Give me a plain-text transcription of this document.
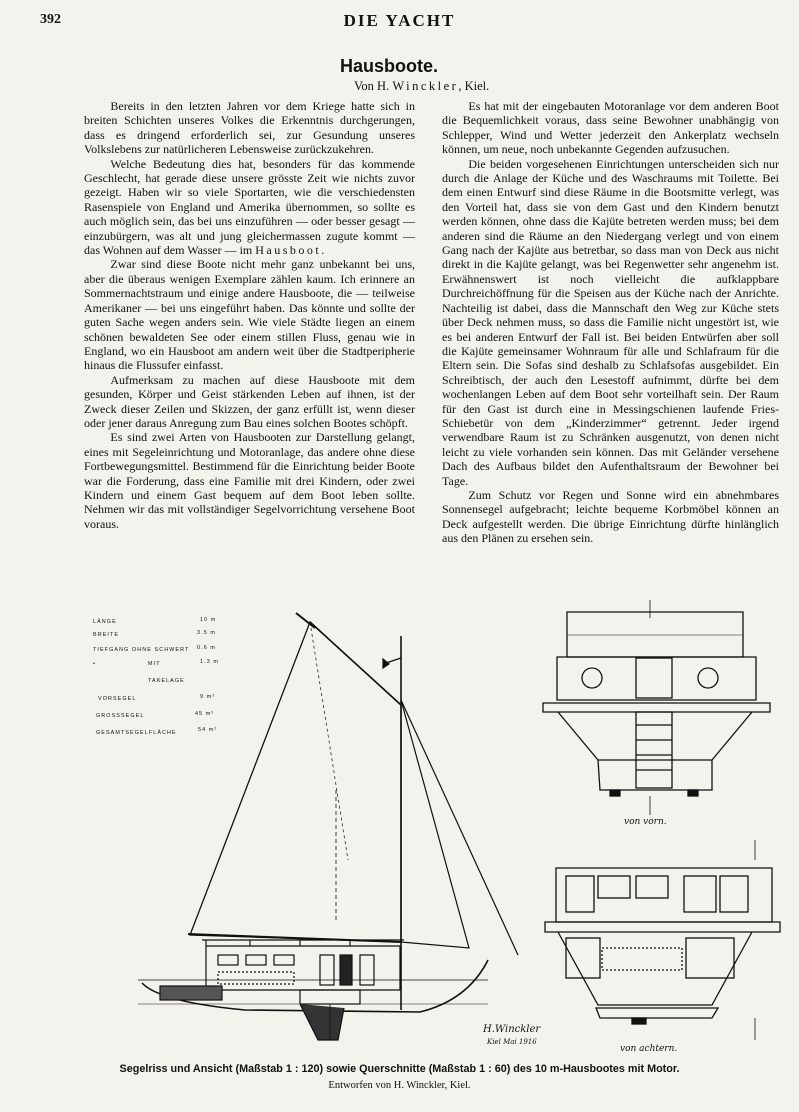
392	DIE YACHT
Hausboote.
Von H. Winckler, Kiel.

Bereits in den letzten Jahren vor dem Kriege hatte sich in breiten Schichten unseres Volkes die Erkenntnis durchgerungen, dass es dringend erforderlich sei, zur Gesundung unseres Volkslebens zur natürlicheren Lebensweise zurückzukehren.

Welche Bedeutung dies hat, besonders für das kommende Geschlecht, hat gerade diese unsere grösste Zeit wie nichts zuvor gezeigt. Haben wir so viele Sportarten, wie die verschiedensten Rasenspiele von England und Amerika übernommen, so sollte es auch möglich sein, das bei uns einzuführen — oder besser gesagt — einzubürgern, was alt und jung gleichermassen zugute kommt — das Wohnen auf dem Wasser — im Hausboot.

Zwar sind diese Boote nicht mehr ganz unbekannt bei uns, aber die überaus wenigen Exemplare zählen kaum. Ich erinnere an Sommernachtstraum und einige andere Hausboote, die — teilweise Amerikaner — bei uns eingeführt haben. Das könnte und sollte der guten Sache wegen anders sein. Wie viele Städte liegen an einem schönen bewaldeten See oder einem stillen Fluss, genau wie in England, wo ein Hausboot am andern weit über die Stadtperipherie hinaus die Flussufer einfasst.

Aufmerksam zu machen auf diese Hausboote mit dem gesunden, Körper und Geist stärkenden Leben auf ihnen, ist der Zweck dieser Zeilen und Skizzen, der ganz erfüllt ist, wenn dieser oder jener daraus Anregung zum Bau eines solchen Bootes schöpft.

Es sind zwei Arten von Hausbooten zur Darstellung gelangt, eines mit Segeleinrichtung und Motoranlage, das andere ohne diese Fortbewegungsmittel. Bestimmend für die Einrichtung beider Boote war die Forderung, dass eine Familie mit drei Kindern, oder zwei Kindern und einem Gast bequem auf dem Boot leben sollte. Nehmen wir das mit vollständiger Segelvorrichtung versehene Boot voraus.

Es hat mit der eingebauten Motoranlage vor dem anderen Boot die Bequemlichkeit voraus, dass seine Bewohner unabhängig von Schlepper, Wind und Wetter jederzeit den Ankerplatz wechseln können, um neue, noch unbekannte Gegenden aufzusuchen.

Die beiden vorgesehenen Einrichtungen unterscheiden sich nur durch die Anlage der Küche und des Waschraums mit Toilette. Bei dem einen Entwurf sind diese Räume in die Bootsmitte verlegt, was den Vorteil hat, dass sie von dem Gast und den Kindern benutzt werden können, ohne dass die Kajüte betreten werden muss; bei dem anderen sind die Räume an den Niedergang verlegt und von einem Gang nach der Kajüte aus betretbar, so dass man von Deck aus nicht direkt in die Kajüte gelangt, was bei Regenwetter sehr angenehm ist. Erwähnenswert ist noch vielleicht die aufklappbare Durchreichöffnung für die Speisen aus der Küche nach der Anrichte. Nachteilig ist dabei, dass die Mannschaft den Weg zur Küche stets über Deck nehmen muss, so dass die Familie nicht ungestört ist, wie es bei anderen Entwurf der Fall ist. Bei beiden Entwürfen aber soll die Kajüte gemeinsamer Wohnraum für alle und Schlafraum für die Eltern sein. Die Sofas sind deshalb zu Schlafsofas ausgebildet. Ein Schreibtisch, der auch den Lesestoff aufnimmt, dürfte bei dem wochenlangen Leben auf dem Boot sehr vorteilhaft sein. Der Raum für den Gast ist durch eine in Messingschienen laufende Fries-Schiebetür von dem „Kinderzimmer“ getrennt. Jeder irgend verwendbare Raum ist zu Schränken ausgenutzt, von denen nicht leicht zu viele vorhanden sein können. Das mit Geländer versehene Dach des Aufbaus bildet den Aufenthaltsraum der Bewohner bei Tage.

Zum Schutz vor Regen und Sonne wird ein abnehmbares Sonnensegel aufgebracht; leichte bequeme Korbmöbel können an Deck aufgestellt werden. Die übrige Einrichtung dürfte hinlänglich aus den Plänen zu ersehen sein.

LÄNGE	10 m
BREITE	3.5 m
TIEFGANG OHNE SCHWERT 0.6 m
•	MIT	1.3 m
TAKELAGE
VORSEGEL	9 m²
GROSSSEGEL	45 m²
GESAMTSEGELFLÄCHE	54 m²
von vorn.
von achtern.
H.Winckler
Kiel Mai 1916
Segelriss und Ansicht (Maßstab 1 : 120) sowie Querschnitte (Maßstab 1 : 60) des 10 m-Hausbootes mit Motor.
Entworfen von H. Winckler, Kiel.
